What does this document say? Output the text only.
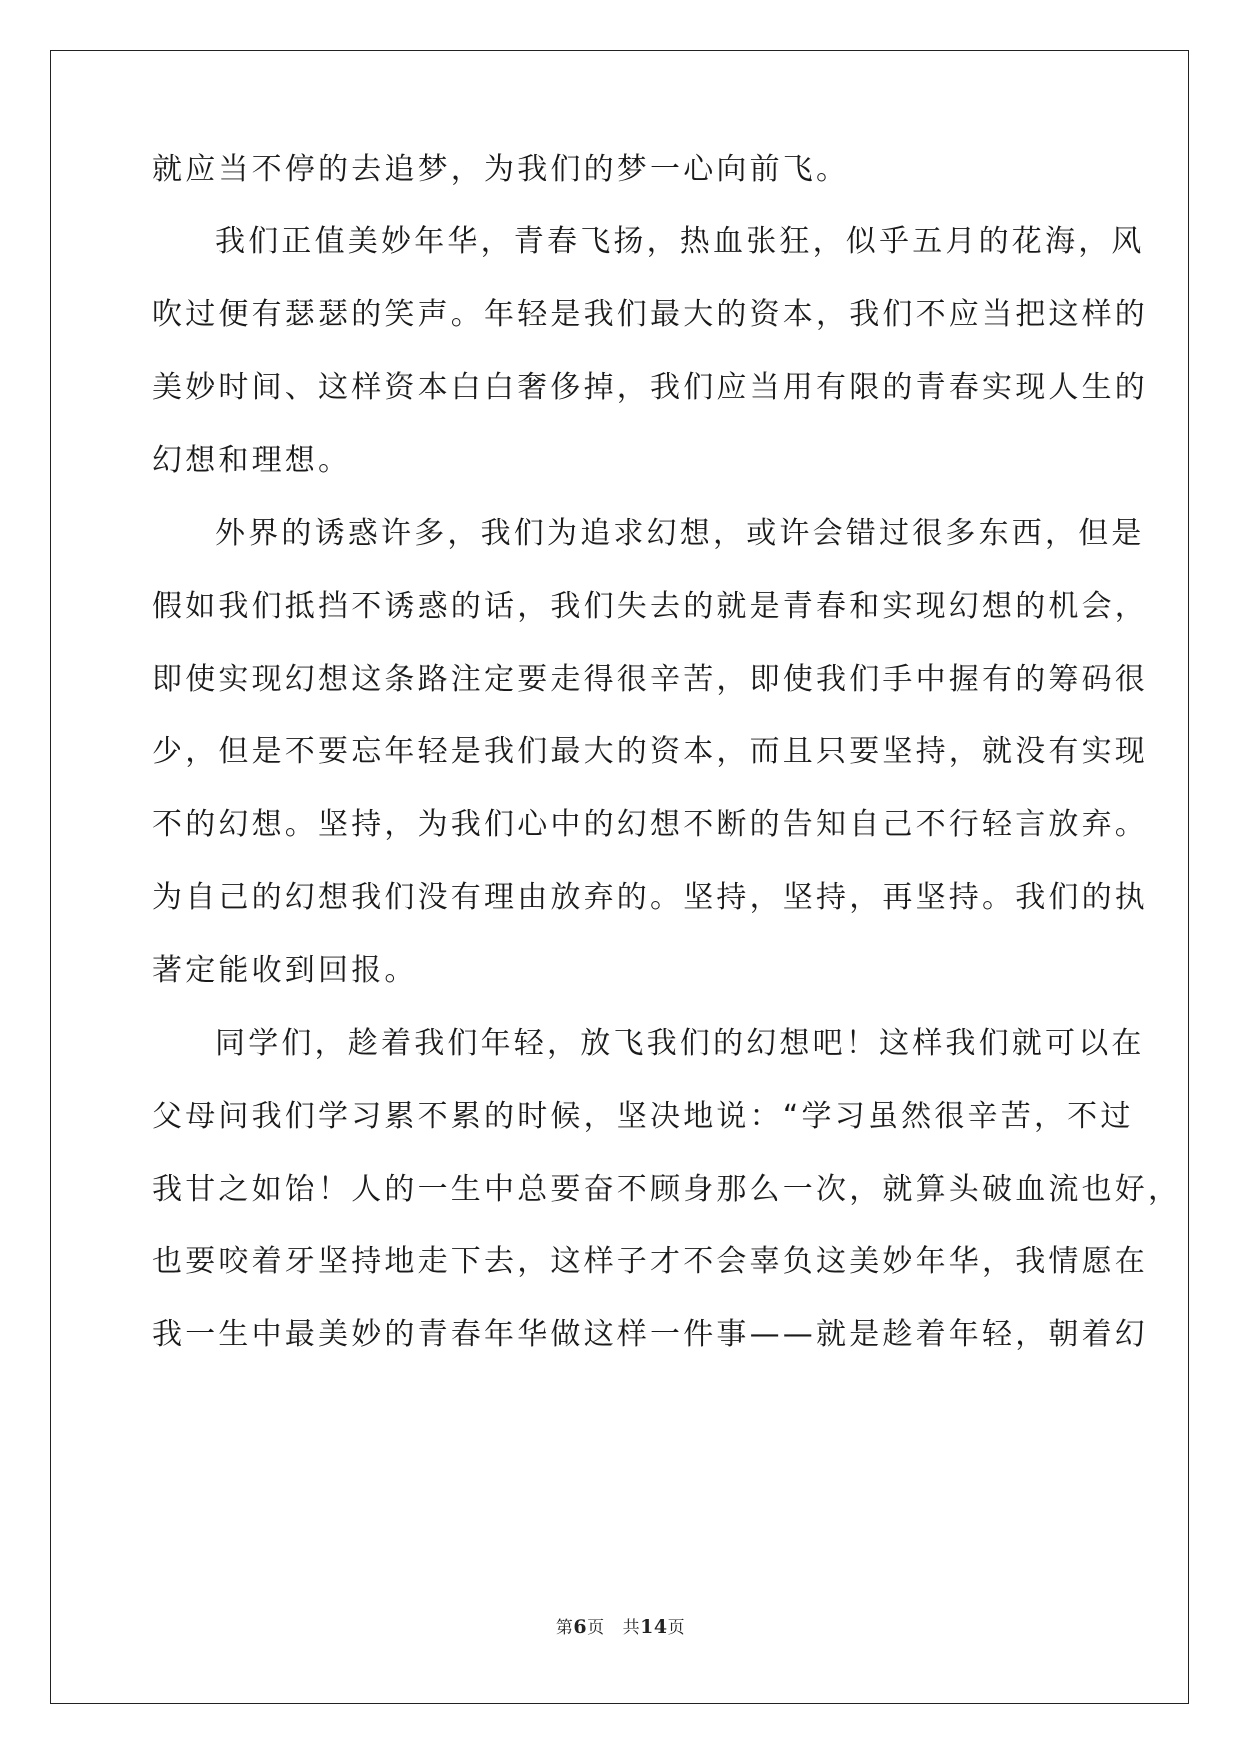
就应当不停的去追梦，为我们的梦一心向前飞。
我们正值美妙年华，青春飞扬，热血张狂，似乎五月的花海，风
吹过便有瑟瑟的笑声。年轻是我们最大的资本，我们不应当把这样的
美妙时间、这样资本白白奢侈掉，我们应当用有限的青春实现人生的
幻想和理想。
外界的诱惑许多，我们为追求幻想，或许会错过很多东西，但是
假如我们抵挡不诱惑的话，我们失去的就是青春和实现幻想的机会，
即使实现幻想这条路注定要走得很辛苦，即使我们手中握有的筹码很
少，但是不要忘年轻是我们最大的资本，而且只要坚持，就没有实现
不的幻想。坚持，为我们心中的幻想不断的告知自己不行轻言放弃。
为自己的幻想我们没有理由放弃的。坚持，坚持，再坚持。我们的执
著定能收到回报。
同学们，趁着我们年轻，放飞我们的幻想吧！这样我们就可以在
父母问我们学习累不累的时候，坚决地说：“学习虽然很辛苦，不过
我甘之如饴！人的一生中总要奋不顾身那么一次，就算头破血流也好，
也要咬着牙坚持地走下去，这样子才不会辜负这美妙年华，我情愿在
我一生中最美妙的青春年华做这样一件事——就是趁着年轻，朝着幻
第6页 共14页
